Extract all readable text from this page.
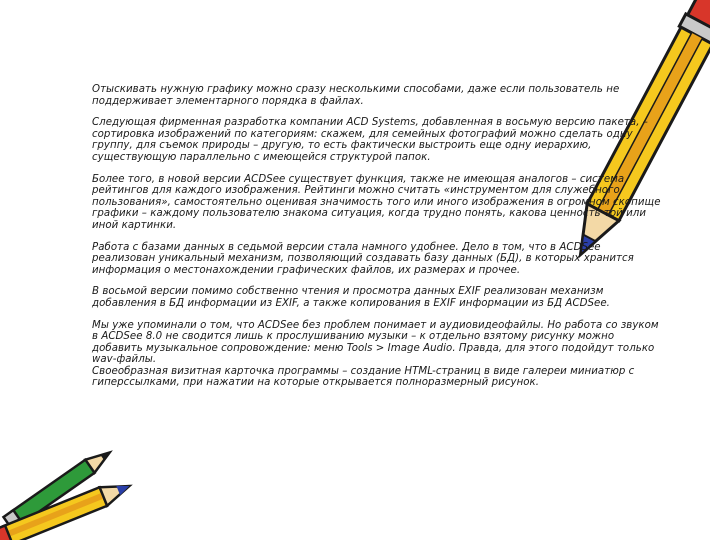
Отыскивать нужную графику можно сразу несколькими способами, даже если пользователь не поддерживает элементарного порядка в файлах.

Следующая фирменная разработка компании ACD Systems, добавленная в восьмую версию пакета, – сортировка изображений по категориям: скажем, для семейных фотографий можно сделать одну группу, для съемок природы – другую, то есть фактически выстроить еще одну иерархию, существующую параллельно с имеющейся структурой папок.

Более того, в новой версии ACDSee существует функция, также не имеющая аналогов – система рейтингов для каждого изображения. Рейтинги можно считать «инструментом для служебного пользования», самостоятельно оценивая значимость того или иного изображения в огромном скопище графики – каждому пользователю знакома ситуация, когда трудно понять, какова ценность той или иной картинки.

Работа с базами данных в седьмой версии стала намного удобнее. Дело в том, что в ACDSee реализован уникальный механизм, позволяющий создавать базу данных (БД), в которых хранится информация о местонахождении графических файлов, их размерах и прочее.

В восьмой версии помимо собственно чтения и просмотра данных EXIF реализован механизм добавления в БД информации из EXIF, а также копирования в EXIF информации из БД ACDSee.

Мы уже упоминали о том, что ACDSee без проблем понимает и аудиовидеофайлы. Но работа со звуком в ACDSee 8.0 не сводится лишь к прослушиванию музыки – к отдельно взятому рисунку можно добавить музыкальное сопровождение: меню Tools > Image Audio. Правда, для этого подойдут только wav-файлы.

Своеобразная визитная карточка программы – создание HTML-страниц в виде галереи миниатюр с гиперссылками, при нажатии на которые открывается полноразмерный рисунок.
